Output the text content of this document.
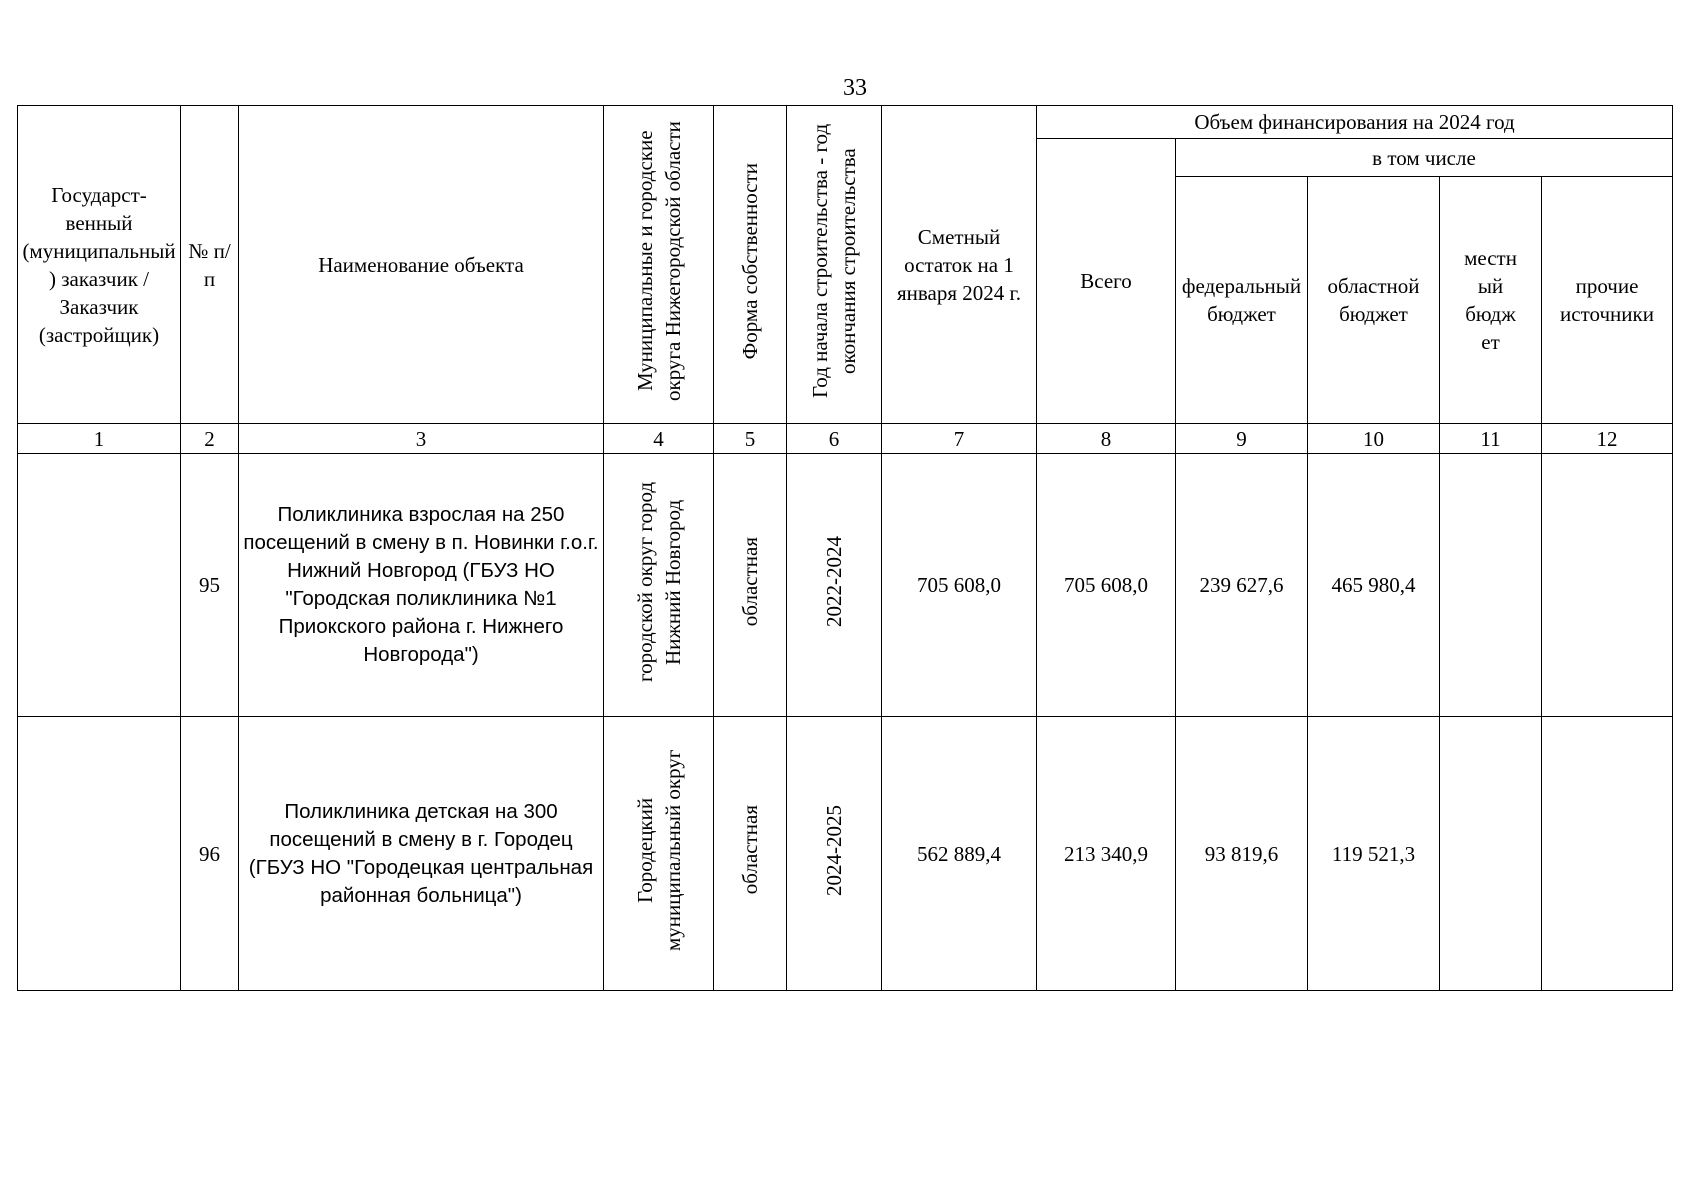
33
Государст-венный (муниципальный) заказчик / Заказчик (застройщик)	№ п/п	Наименование объекта	Муниципальные и городские округа Нижегородской области	Форма собственности	Год начала строительства - год окончания строительства	Сметный остаток на 1 января 2024 г.	Объем финансирования на 2024 год				

							Всего	в том числе			

								федеральный бюджет	областной бюджет	местный бюджет	прочие источники

1	2	3	4	5	6	7	8	9	10	11	12
	95	Поликлиника взрослая на 250 посещений в смену в п. Новинки г.о.г. Нижний Новгород (ГБУЗ НО "Городская поликлиника №1 Приокского района г. Нижнего Новгорода")	городской округ город Нижний Новгород	областная	2022-2024	705 608,0	705 608,0	239 627,6	465 980,4		
	96	Поликлиника детская на 300 посещений в смену в г. Городец (ГБУЗ НО "Городецкая центральная районная больница")	Городецкий муниципальный округ	областная	2024-2025	562 889,4	213 340,9	93 819,6	119 521,3		
